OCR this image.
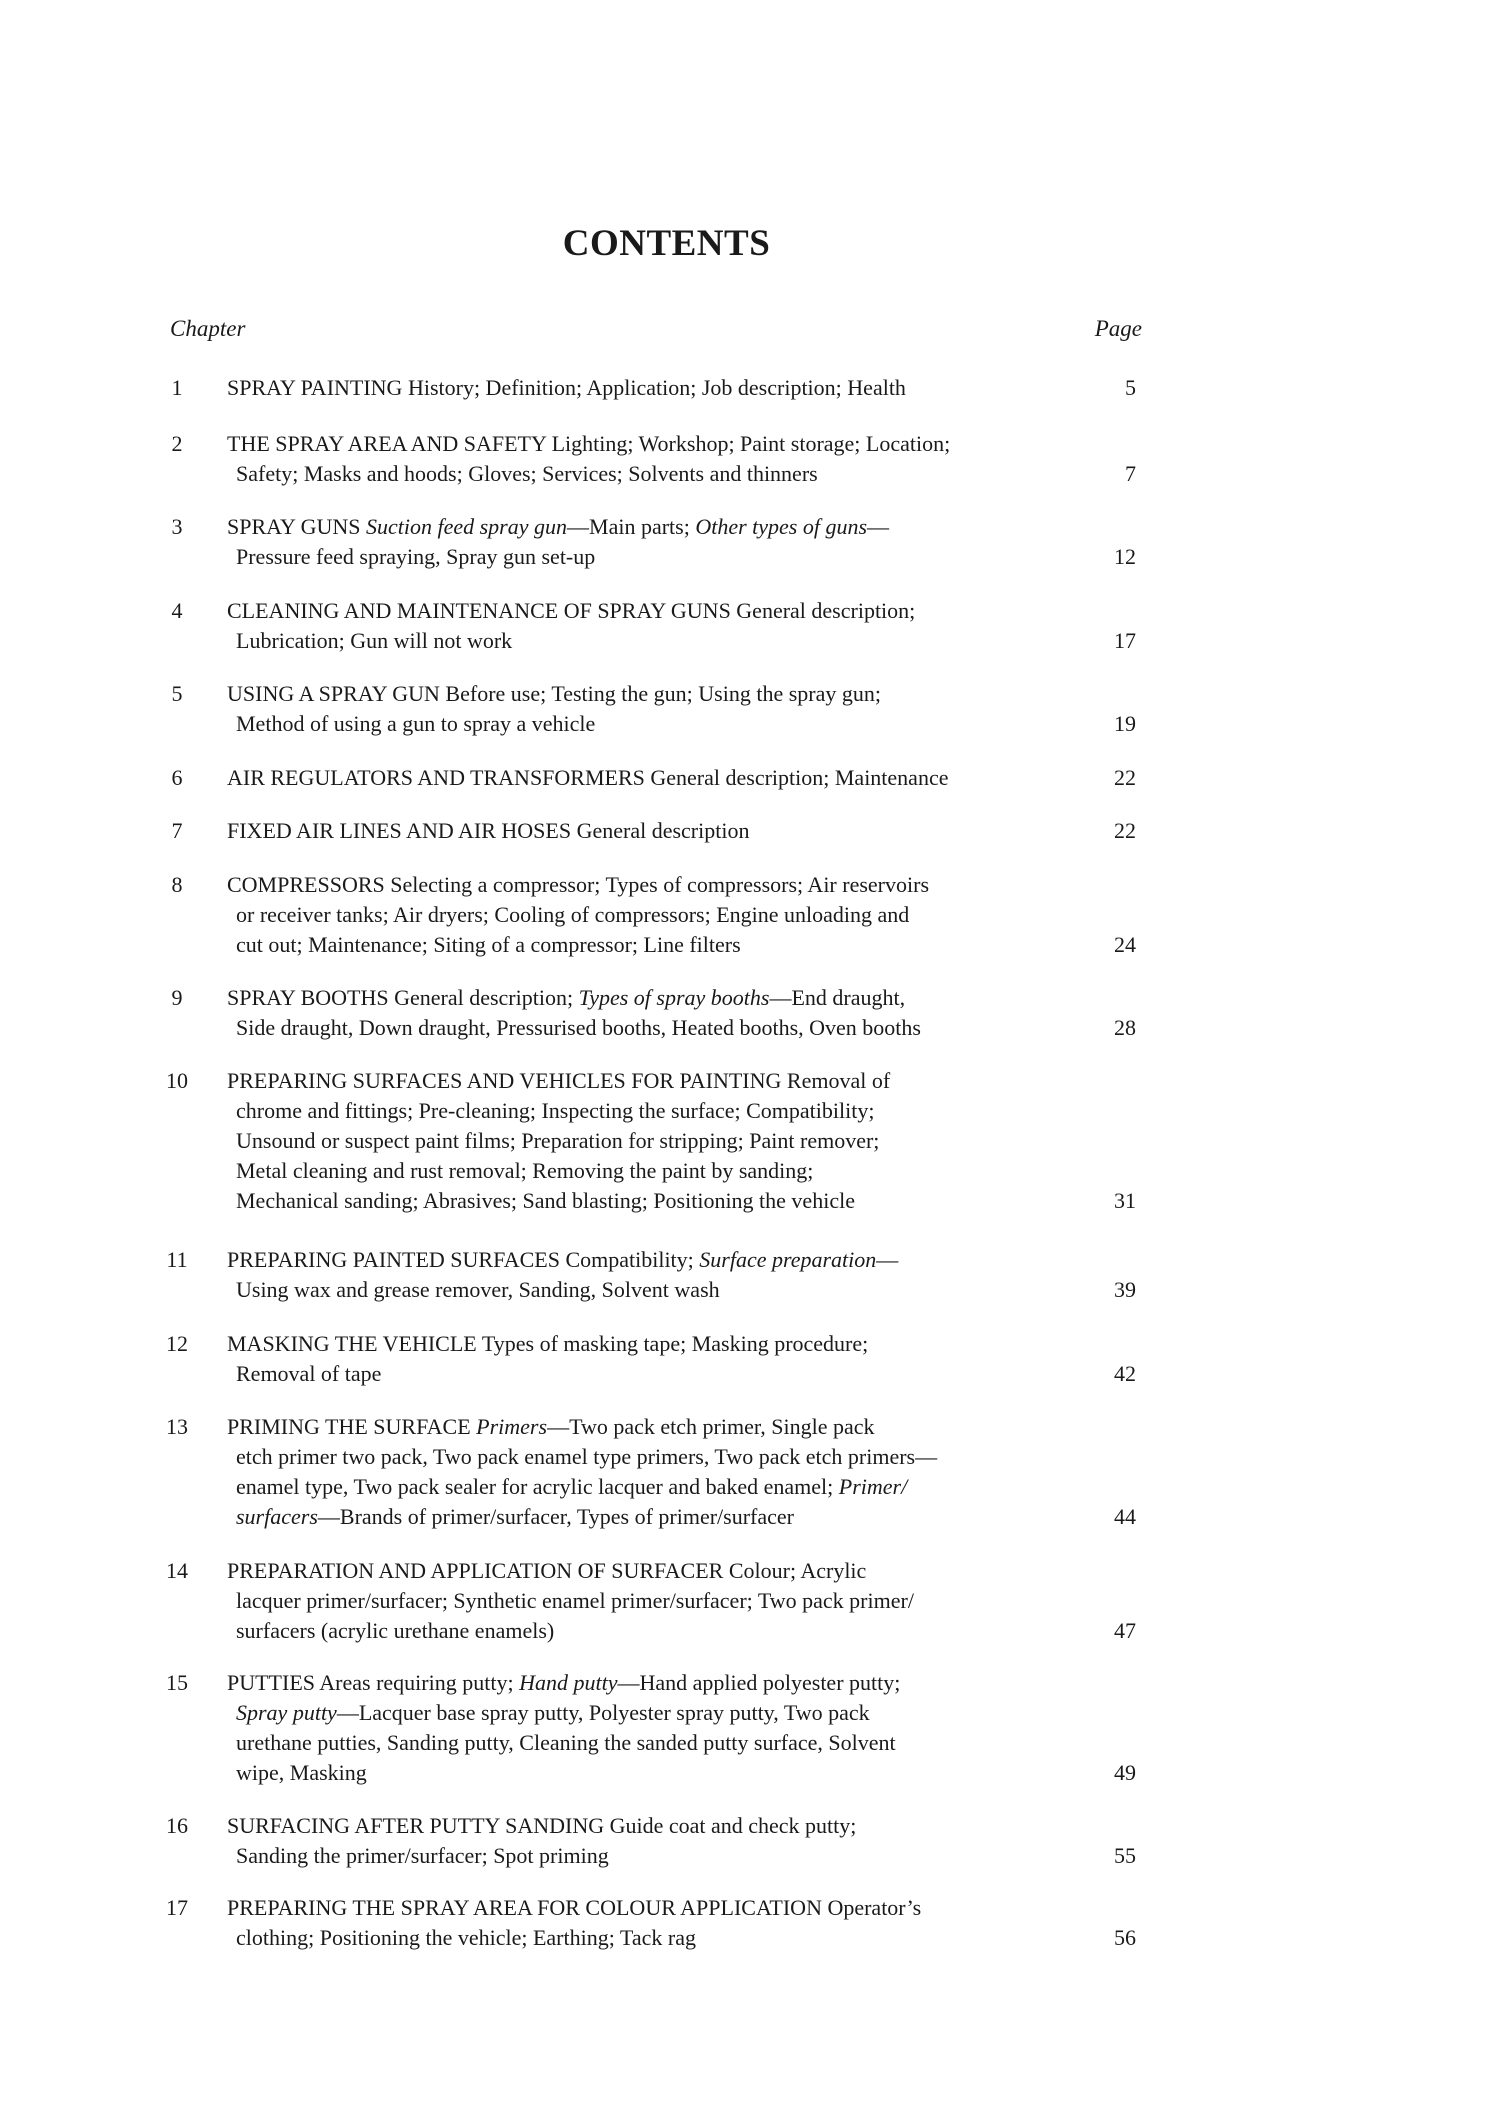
CONTENTS
Chapter	Page
1	SPRAY PAINTING History; Definition; Application; Job description; Health	5
2	THE SPRAY AREA AND SAFETY Lighting; Workshop; Paint storage; Location;
Safety; Masks and hoods; Gloves; Services; Solvents and thinners	7
3	SPRAY GUNS Suction feed spray gun—Main parts; Other types of guns—
Pressure feed spraying, Spray gun set-up	12
4	CLEANING AND MAINTENANCE OF SPRAY GUNS General description;
Lubrication; Gun will not work	17
5	USING A SPRAY GUN Before use; Testing the gun; Using the spray gun;
Method of using a gun to spray a vehicle	19
6	AIR REGULATORS AND TRANSFORMERS General description; Maintenance	22
7	FIXED AIR LINES AND AIR HOSES General description	22
8	COMPRESSORS Selecting a compressor; Types of compressors; Air reservoirs
or receiver tanks; Air dryers; Cooling of compressors; Engine unloading and
cut out; Maintenance; Siting of a compressor; Line filters	24
9	SPRAY BOOTHS General description; Types of spray booths—End draught,
Side draught, Down draught, Pressurised booths, Heated booths, Oven booths	28
10 PREPARING SURFACES AND VEHICLES FOR PAINTING Removal of
chrome and fittings; Pre-cleaning; Inspecting the surface; Compatibility;
Unsound or suspect paint films; Preparation for stripping; Paint remover;
Metal cleaning and rust removal; Removing the paint by sanding;
Mechanical sanding; Abrasives; Sand blasting; Positioning the vehicle	31
11 PREPARING PAINTED SURFACES Compatibility; Surface preparation—
Using wax and grease remover, Sanding, Solvent wash	39
12 MASKING THE VEHICLE Types of masking tape; Masking procedure;
Removal of tape	42
13 PRIMING THE SURFACE Primers—Two pack etch primer, Single pack
etch primer two pack, Two pack enamel type primers, Two pack etch primers—
enamel type, Two pack sealer for acrylic lacquer and baked enamel; Primer/
surfacers—Brands of primer/surfacer, Types of primer/surfacer	44
14 PREPARATION AND APPLICATION OF SURFACER Colour; Acrylic
lacquer primer/surfacer; Synthetic enamel primer/surfacer; Two pack primer/
surfacers (acrylic urethane enamels)	47
15 PUTTIES Areas requiring putty; Hand putty—Hand applied polyester putty;
Spray putty—Lacquer base spray putty, Polyester spray putty, Two pack
urethane putties, Sanding putty, Cleaning the sanded putty surface, Solvent
wipe, Masking	49
16 SURFACING AFTER PUTTY SANDING Guide coat and check putty;
Sanding the primer/surfacer; Spot priming	55
17 PREPARING THE SPRAY AREA FOR COLOUR APPLICATION Operator’s
clothing; Positioning the vehicle; Earthing; Tack rag	56
